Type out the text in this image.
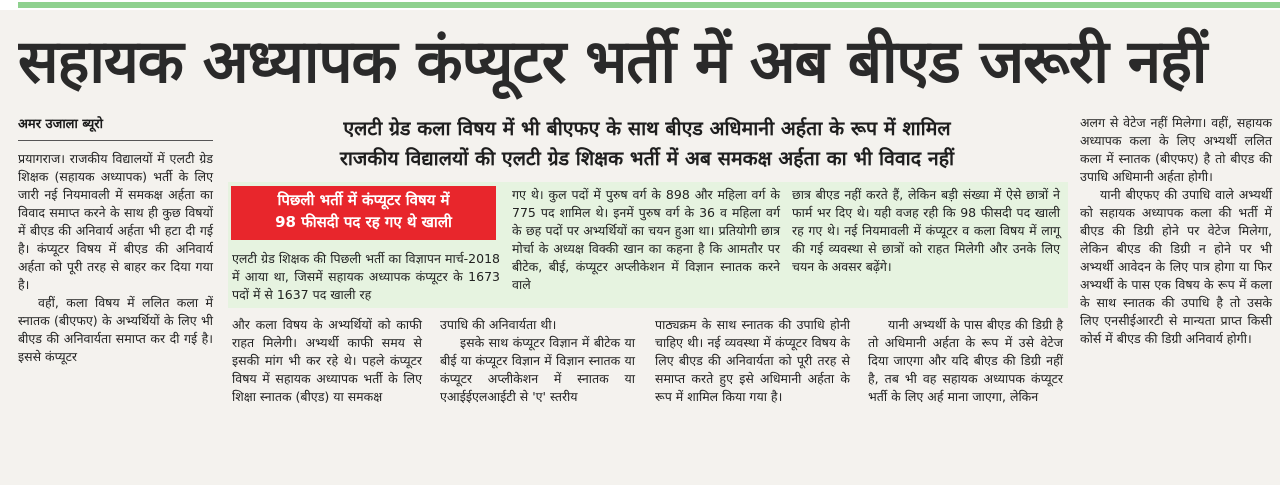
सहायक अध्यापक कंप्यूटर भर्ती में अब बीएड जरूरी नहीं
अमर उजाला ब्यूरो

प्रयागराज। राजकीय विद्यालयों में एलटी ग्रेड शिक्षक (सहायक अध्यापक) भर्ती के लिए जारी नई नियमावली में समकक्ष अर्हता का विवाद समाप्त करने के साथ ही कुछ विषयों में बीएड की अनिवार्य अर्हता भी हटा दी गई है। कंप्यूटर विषय में बीएड की अनिवार्य अर्हता को पूरी तरह से बाहर कर दिया गया है।

वहीं, कला विषय में ललित कला में स्नातक (बीएफए) के अभ्यर्थियों के लिए भी बीएड की अनिवार्यता समाप्त कर दी गई है। इससे कंप्यूटर

एलटी ग्रेड कला विषय में भी बीएफए के साथ बीएड अधिमानी अर्हता के रूप में शामिल
राजकीय विद्यालयों की एलटी ग्रेड शिक्षक भर्ती में अब समकक्ष अर्हता का भी विवाद नहीं
पिछली भर्ती में कंप्यूटर विषय में
98 फीसदी पद रह गए थे खाली
एलटी ग्रेड शिक्षक की पिछली भर्ती का विज्ञापन मार्च-2018 में आया था, जिसमें सहायक अध्यापक कंप्यूटर के 1673 पदों में से 1637 पद खाली रह
गए थे। कुल पदों में पुरुष वर्ग के 898 और महिला वर्ग के 775 पद शामिल थे। इनमें पुरुष वर्ग के 36 व महिला वर्ग के छह पदों पर अभ्यर्थियों का चयन हुआ था। प्रतियोगी छात्र मोर्चा के अध्यक्ष विक्की खान का कहना है कि आमतौर पर बीटेक, बीई, कंप्यूटर अप्लीकेशन में विज्ञान स्नातक करने वाले
छात्र बीएड नहीं करते हैं, लेकिन बड़ी संख्या में ऐसे छात्रों ने फार्म भर दिए थे। यही वजह रही कि 98 फीसदी पद खाली रह गए थे। नई नियमावली में कंप्यूटर व कला विषय में लागू की गई व्यवस्था से छात्रों को राहत मिलेगी और उनके लिए चयन के अवसर बढ़ेंगे।
और कला विषय के अभ्यर्थियों को काफी राहत मिलेगी। अभ्यर्थी काफी समय से इसकी मांग भी कर रहे थे। पहले कंप्यूटर विषय में सहायक अध्यापक भर्ती के लिए शिक्षा स्नातक (बीएड) या समकक्ष

उपाधि की अनिवार्यता थी।

इसके साथ कंप्यूटर विज्ञान में बीटेक या बीई या कंप्यूटर विज्ञान में विज्ञान स्नातक या कंप्यूटर अप्लीकेशन में स्नातक या एआईईएलआईटी से 'ए' स्तरीय

पाठ्यक्रम के साथ स्नातक की उपाधि होनी चाहिए थी। नई व्यवस्था में कंप्यूटर विषय के लिए बीएड की अनिवार्यता को पूरी तरह से समाप्त करते हुए इसे अधिमानी अर्हता के रूप में शामिल किया गया है।

यानी अभ्यर्थी के पास बीएड की डिग्री है तो अधिमानी अर्हता के रूप में उसे वेटेज दिया जाएगा और यदि बीएड की डिग्री नहीं है, तब भी वह सहायक अध्यापक कंप्यूटर भर्ती के लिए अर्ह माना जाएगा, लेकिन

अलग से वेटेज नहीं मिलेगा। वहीं, सहायक अध्यापक कला के लिए अभ्यर्थी ललित कला में स्नातक (बीएफए) है तो बीएड की उपाधि अधिमानी अर्हता होगी।

यानी बीएफए की उपाधि वाले अभ्यर्थी को सहायक अध्यापक कला की भर्ती में बीएड की डिग्री होने पर वेटेज मिलेगा, लेकिन बीएड की डिग्री न होने पर भी अभ्यर्थी आवेदन के लिए पात्र होगा या फिर अभ्यर्थी के पास एक विषय के रूप में कला के साथ स्नातक की उपाधि है तो उसके लिए एनसीईआरटी से मान्यता प्राप्त किसी कोर्स में बीएड की डिग्री अनिवार्य होगी।
